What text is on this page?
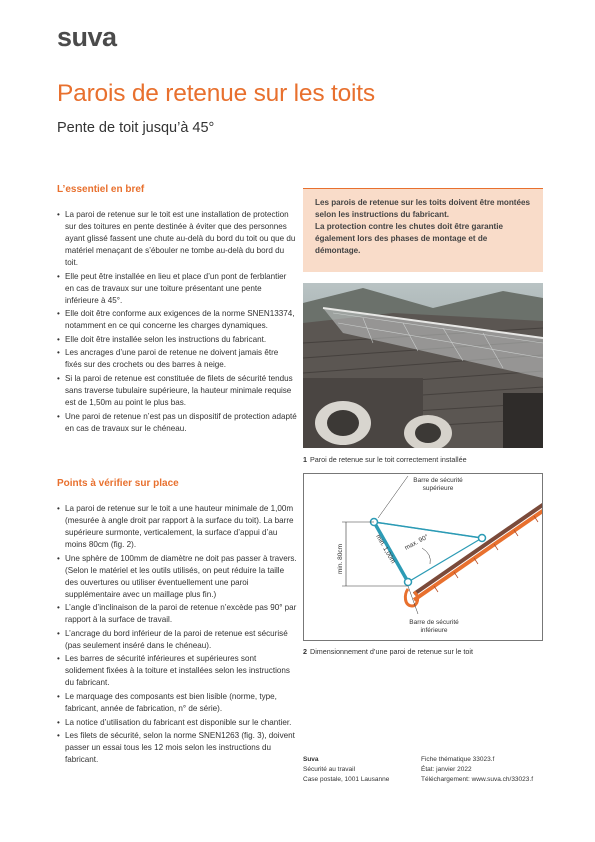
suva
Parois de retenue sur les toits
Pente de toit jusqu’à 45°
L’essentiel en bref
• La paroi de retenue sur le toit est une installation de protection sur des toitures en pente destinée à éviter que des personnes ayant glissé fassent une chute au-delà du bord du toit ou que du matériel menaçant de s’ébouler ne tombe au-delà du bord du toit.
• Elle peut être installée en lieu et place d’un pont de ferblantier en cas de travaux sur une toiture présentant une pente inférieure à 45°.
• Elle doit être conforme aux exigences de la norme SNEN13374, notamment en ce qui concerne les charges dynamiques.
• Elle doit être installée selon les instructions du fabricant.
• Les ancrages d’une paroi de retenue ne doivent jamais être fixés sur des crochets ou des barres à neige.
• Si la paroi de retenue est constituée de filets de sécurité tendus sans traverse tubulaire supérieure, la hauteur minimale requise est de 1,50m au point le plus bas.
• Une paroi de retenue n’est pas un dispositif de protection adapté en cas de travaux sur le chéneau.
Points à vérifier sur place
• La paroi de retenue sur le toit a une hauteur minimale de 1,00m (mesurée à angle droit par rapport à la surface du toit). La barre supérieure surmonte, verticalement, la surface d’appui d’au moins 80cm (fig. 2).
• Une sphère de 100mm de diamètre ne doit pas passer à travers. (Selon le matériel et les outils utilisés, on peut réduire la taille des ouvertures ou utiliser éventuellement une paroi supplémentaire avec un maillage plus fin.)
• L’angle d’inclinaison de la paroi de retenue n’excède pas 90° par rapport à la surface de travail.
• L’ancrage du bord inférieur de la paroi de retenue est sécurisé (pas seulement inséré dans le chéneau).
• Les barres de sécurité inférieures et supérieures sont solidement fixées à la toiture et installées selon les instructions du fabricant.
• Le marquage des composants est bien lisible (norme, type, fabricant, année de fabrication, n° de série).
• La notice d’utilisation du fabricant est disponible sur le chantier.
• Les filets de sécurité, selon la norme SNEN1263 (fig. 3), doivent passer un essai tous les 12 mois selon les instructions du fabricant.

Les parois de retenue sur les toits doivent être montées selon les instructions du fabricant.

La protection contre les chutes doit être garantie également lors des phases de montage et de démontage.

1 Paroi de retenue sur le toit correctement installée
Barre de sécurité
supérieure
Barre de sécurité
inférieure
min. 80cm	min. 1,00m max. 90°
2 Dimensionnement d’une paroi de retenue sur le toit
Suva
Sécurité au travail
Case postale, 1001 Lausanne
Fiche thématique 33023.f
État: janvier 2022
Téléchargement: www.suva.ch/33023.f
